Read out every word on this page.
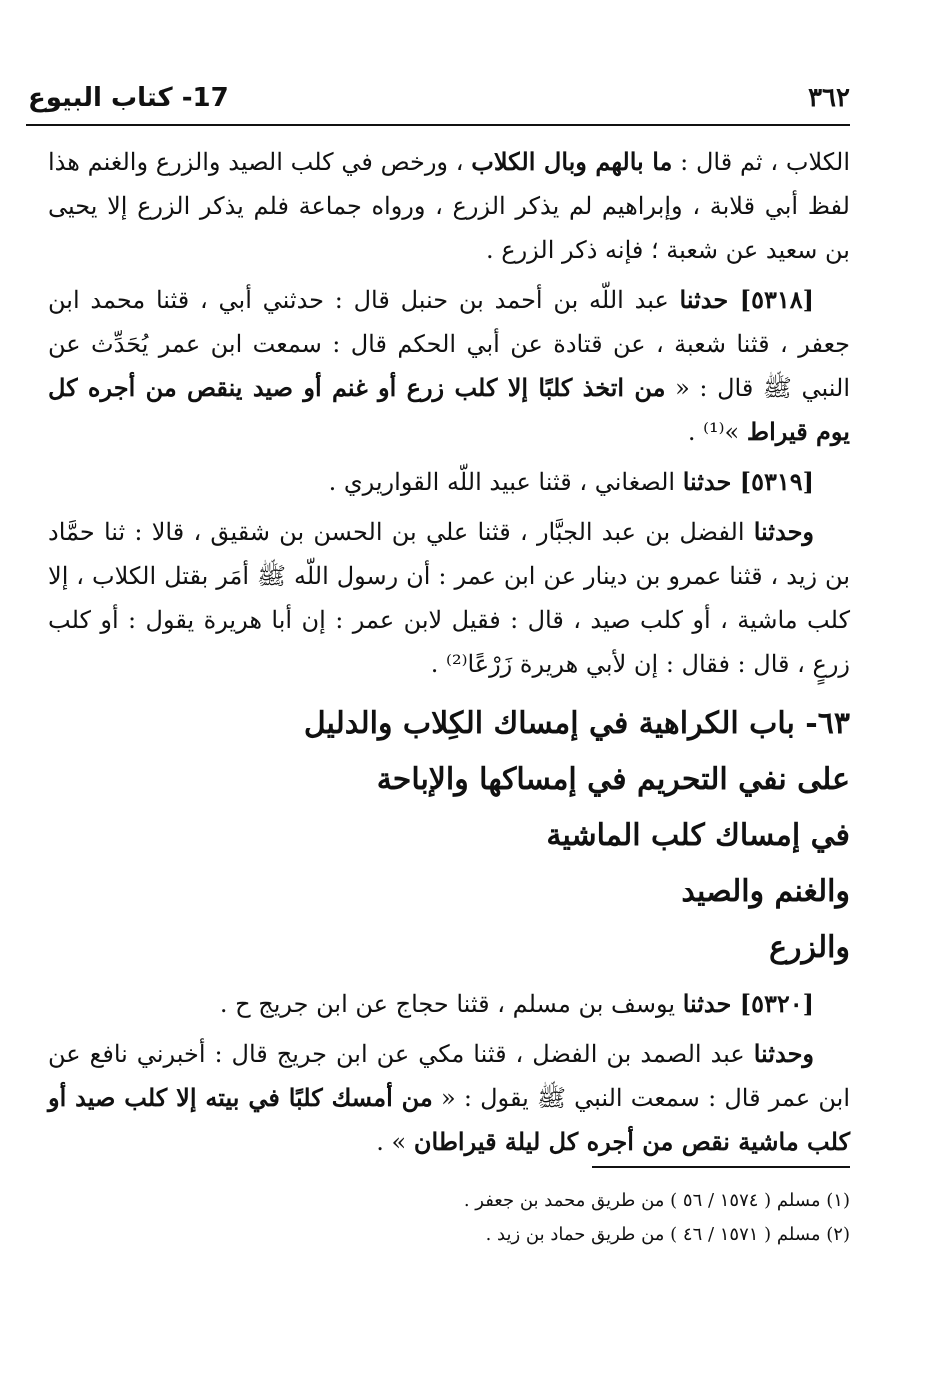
٣٦٢
17- كتاب البيوع

الكلاب ، ثم قال : ما بالهم وبال الكلاب ، ورخص في كلب الصيد والزرع والغنم هذا لفظ أبي قلابة ، وإبراهيم لم يذكر الزرع ، ورواه جماعة فلم يذكر الزرع إلا يحيى بن سعيد عن شعبة ؛ فإنه ذكر الزرع .

[٥٣١٨] حدثنا عبد اللّه بن أحمد بن حنبل قال : حدثني أبي ، قثنا محمد ابن جعفر ، قثنا شعبة ، عن قتادة عن أبي الحكم قال : سمعت ابن عمر يُحَدِّث عن النبي ﷺ قال : « من اتخذ كلبًا إلا كلب زرع أو غنم أو صيد ينقص من أجره كل يوم قيراط »⁽¹⁾ .

[٥٣١٩] حدثنا الصغاني ، قثنا عبيد اللّه القواريري .

وحدثنا الفضل بن عبد الجبَّار ، قثنا علي بن الحسن بن شقيق ، قالا : ثنا حمَّاد بن زيد ، قثنا عمرو بن دينار عن ابن عمر : أن رسول اللّه ﷺ أمَر بقتل الكلاب ، إلا كلب ماشية ، أو كلب صيد ، قال : فقيل لابن عمر : إن أبا هريرة يقول : أو كلب زرعٍ ، قال : فقال : إن لأبي هريرة زَرْعًا⁽²⁾ .

٦٣- باب الكراهية في إمساك الكِلاب والدليل
على نفي التحريم في إمساكها والإباحة
في إمساك كلب الماشية
والغنم والصيد
والزرع

[٥٣٢٠] حدثنا يوسف بن مسلم ، قثنا حجاج عن ابن جريج ح .

وحدثنا عبد الصمد بن الفضل ، قثنا مكي عن ابن جريج قال : أخبرني نافع عن ابن عمر قال : سمعت النبي ﷺ يقول : « من أمسك كلبًا في بيته إلا كلب صيد أو كلب ماشية نقص من أجره كل ليلة قيراطان » .

(١) مسلم ( ١٥٧٤ / ٥٦ ) من طريق محمد بن جعفر .
(٢) مسلم ( ١٥٧١ / ٤٦ ) من طريق حماد بن زيد .
